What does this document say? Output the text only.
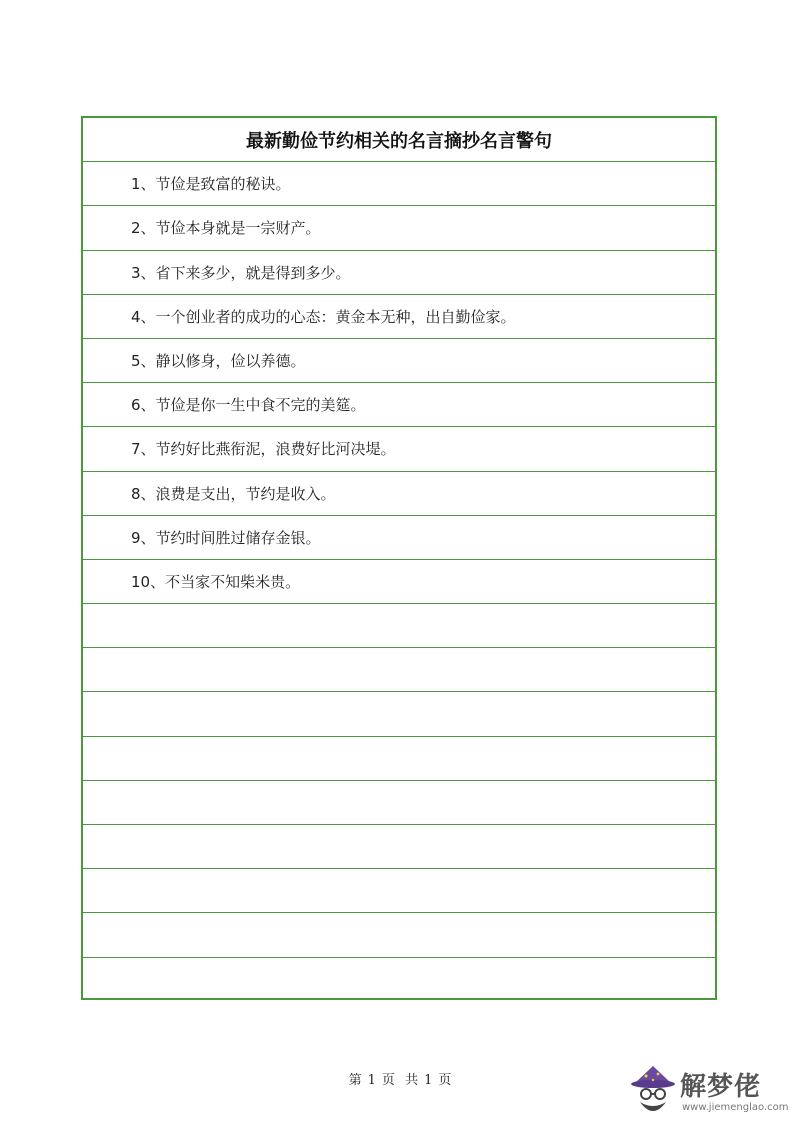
最新勤俭节约相关的名言摘抄名言警句
1、节俭是致富的秘诀。
2、节俭本身就是一宗财产。
3、省下来多少，就是得到多少。
4、一个创业者的成功的心态：黄金本无种，出自勤俭家。
5、静以修身，俭以养德。
6、节俭是你一生中食不完的美筵。
7、节约好比燕衔泥，浪费好比河决堤。
8、浪费是支出，节约是收入。
9、节约时间胜过储存金银。
10、不当家不知柴米贵。
第 1 页 共 1 页	解梦佬
www.jiemenglao.com
